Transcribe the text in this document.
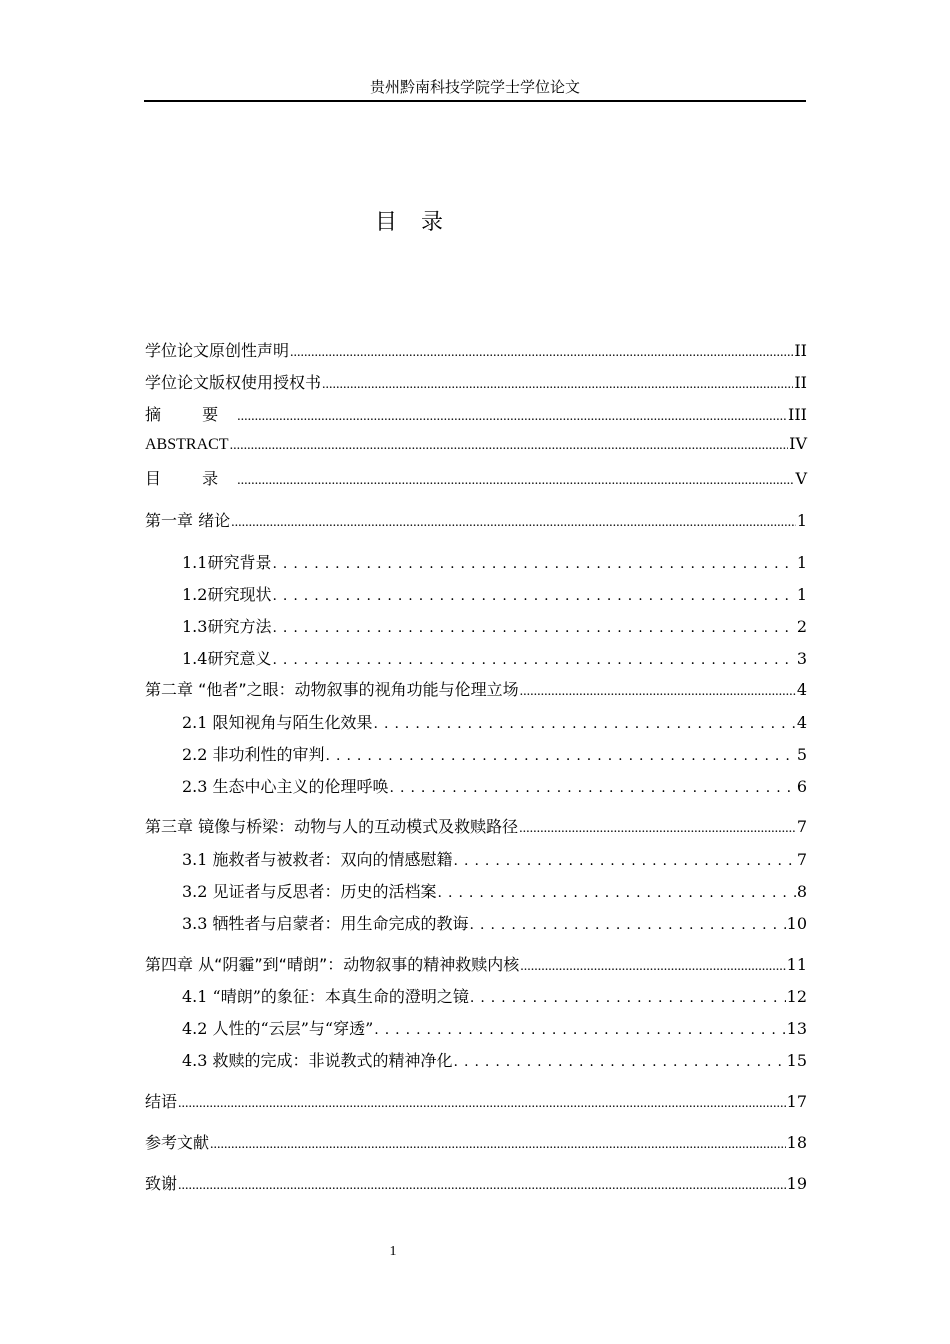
贵州黔南科技学院学士学位论文
目 录
学位论文原创性声明 .....	II
学位论文版权使用授权书 .....	II
摘 要 .....	III
ABSTRACT .....	IV
目 录 .....	V
第一章 绪论 .....	1
1.1研究背景 .....	1
1.2研究现状 .....	1
1.3研究方法 .....	2
1.4研究意义 .....	3
第二章 “他者”之眼：动物叙事的视角功能与伦理立场 .....	4
2.1 限知视角与陌生化效果 .....	4
2.2 非功利性的审判 .....	5
2.3 生态中心主义的伦理呼唤 .....	6
第三章 镜像与桥梁：动物与人的互动模式及救赎路径 .....	7
3.1 施救者与被救者：双向的情感慰籍 .....	7
3.2 见证者与反思者：历史的活档案 .....	8
3.3 牺牲者与启蒙者：用生命完成的教诲 .....	10
第四章 从“阴霾”到“晴朗”：动物叙事的精神救赎内核 .....	11
4.1 “晴朗”的象征：本真生命的澄明之镜 .....	12
4.2 人性的“云层”与“穿透” .....	13
4.3 救赎的完成：非说教式的精神净化 .....	15
结语 .....	17
参考文献 .....	18
致谢 .....	19
1
